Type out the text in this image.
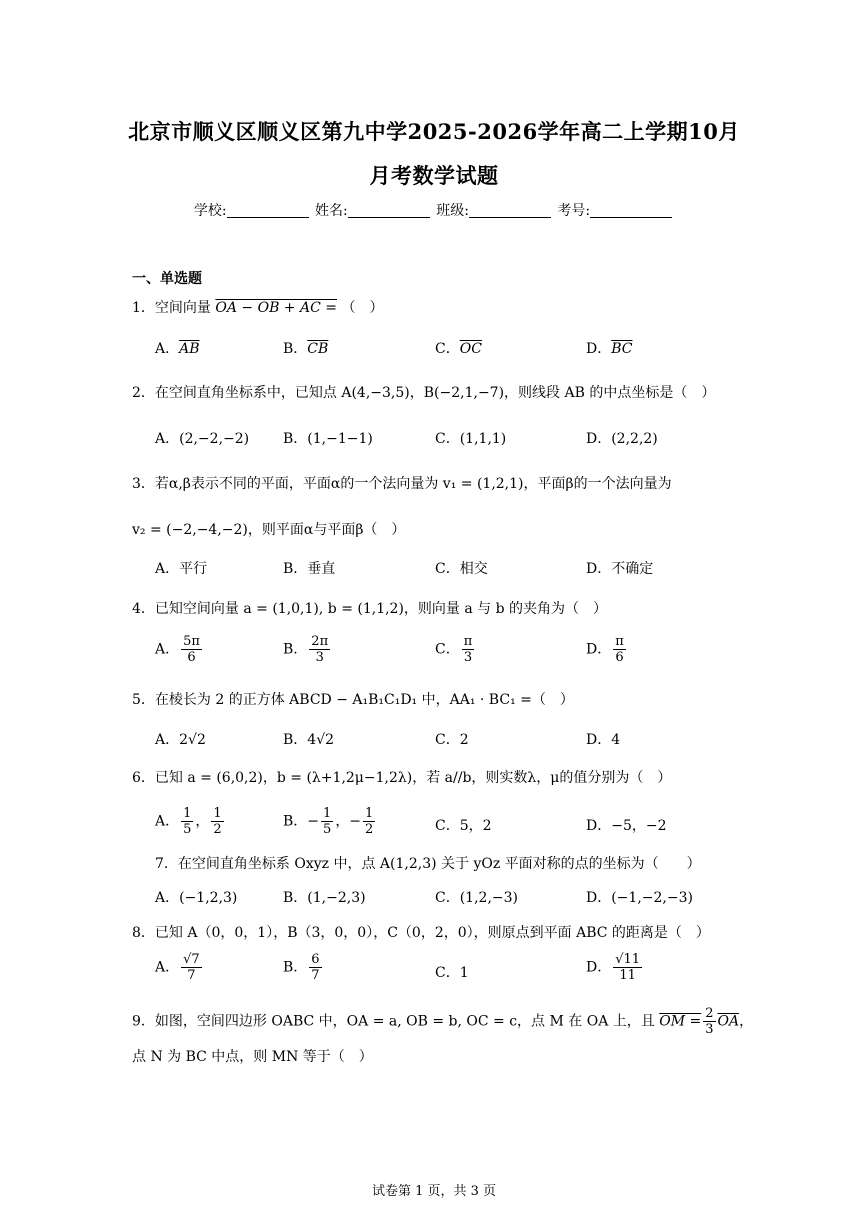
北京市顺义区顺义区第九中学2025-2026学年高二上学期10月
月考数学试题
学校:	姓名:	班级:	考号:
一、单选题
1．空间向量 OA − OB + AC = （　）
A．$\overline{AB}$	B．$\overline{CB}$	C．$\overline{OC}$	D．$\overline{BC}$
2．在空间直角坐标系中，已知点 A(4,−3,5)，B(−2,1,−7)，则线段 AB 的中点坐标是（　）
A．(2,−2,−2) B．(1,−1−1)	C．(1,1,1)	D．(2,2,2)
3．若α,β表示不同的平面，平面α的一个法向量为 v₁ = (1,2,1)，平面β的一个法向量为
v₂ = (−2,−4,−2)，则平面α与平面β（　）
A．平行	B．垂直	C．相交	D．不确定
4．已知空间向量 a = (1,0,1), b = (1,1,2)，则向量 a 与 b 的夹角为（　）
A． $\frac{5\pi}{6}$	B． $\frac{2\pi}{3}$	C． $\frac{\pi}{3}$	D． $\frac{\pi}{6}$
5．在棱长为 2 的正方体 ABCD − A₁B₁C₁D₁ 中，AA₁ · BC₁ =（　）
A．2√2	B．4√2	C．2	D．4
6．已知 a = (6,0,2)，b = (λ+1,2μ−1,2λ)，若 a//b，则实数λ，μ的值分别为（　）
A． $\frac{1}{5}$ ， $\frac{1}{2}$	B．− $\frac{1}{5}$ ，− $\frac{1}{2}$	C．5，2	D．−5，−2
7．在空间直角坐标系 Oxyz 中，点 A(1,2,3) 关于 yOz 平面对称的点的坐标为（　　）
A．(−1,2,3)	B．(1,−2,3)	C．(1,2,−3)	D．(−1,−2,−3)
8．已知 A（0，0，1），B（3，0，0），C（0，2，0），则原点到平面 ABC 的距离是（　）
A． $\frac{√7}{7}$	B． $\frac{6}{7}$	C．1	D． $\frac{√11}{11}$
9．如图，空间四边形 OABC 中，OA = a, OB = b, OC = c，点 M 在 OA 上，且 OM = $\frac{2}{3} \overline{OA}$，
点 N 为 BC 中点，则 MN 等于（　）
试卷第 1 页，共 3 页
